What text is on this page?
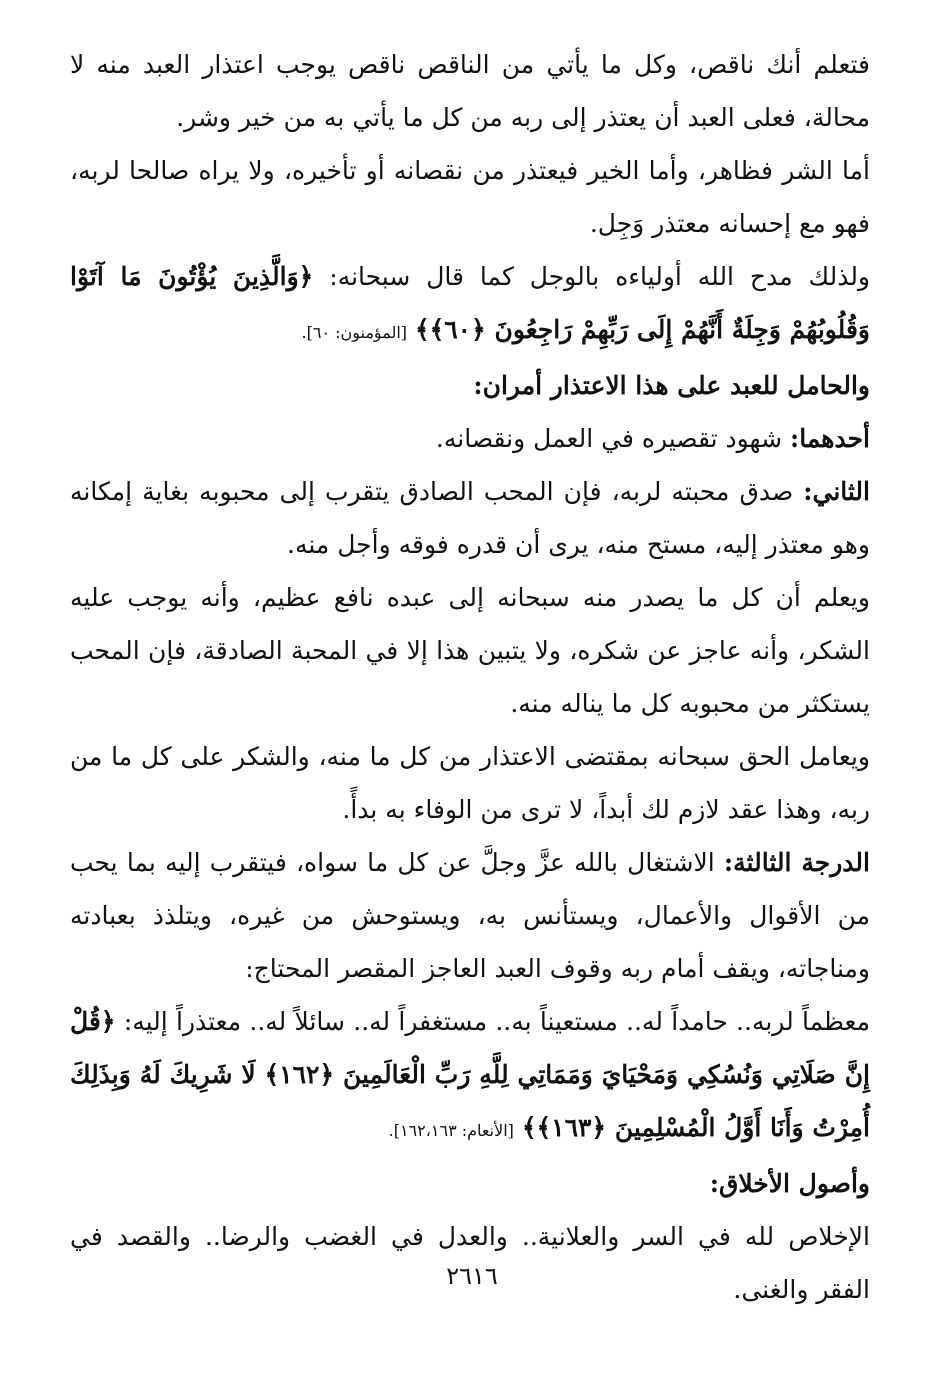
فتعلم أنك ناقص، وكل ما يأتي من الناقص ناقص يوجب اعتذار العبد منه لا محالة، فعلى العبد أن يعتذر إلى ربه من كل ما يأتي به من خير وشر.

أما الشر فظاهر، وأما الخير فيعتذر من نقصانه أو تأخيره، ولا يراه صالحا لربه، فهو مع إحسانه معتذر وَجِل.

ولذلك مدح الله أولياءه بالوجل كما قال سبحانه: ﴿وَالَّذِينَ يُؤْتُونَ مَا آتَوْا وَقُلُوبُهُمْ وَجِلَةٌ أَنَّهُمْ إِلَى رَبِّهِمْ رَاجِعُونَ ﴿٦٠﴾﴾ [المؤمنون: ٦٠].

والحامل للعبد على هذا الاعتذار أمران:

أحدهما: شهود تقصيره في العمل ونقصانه.

الثاني: صدق محبته لربه، فإن المحب الصادق يتقرب إلى محبوبه بغاية إمكانه وهو معتذر إليه، مستح منه، يرى أن قدره فوقه وأجل منه.

ويعلم أن كل ما يصدر منه سبحانه إلى عبده نافع عظيم، وأنه يوجب عليه الشكر، وأنه عاجز عن شكره، ولا يتبين هذا إلا في المحبة الصادقة، فإن المحب يستكثر من محبوبه كل ما يناله منه.

ويعامل الحق سبحانه بمقتضى الاعتذار من كل ما منه، والشكر على كل ما من ربه، وهذا عقد لازم لك أبداً، لا ترى من الوفاء به بدأً.

الدرجة الثالثة: الاشتغال بالله عزَّ وجلَّ عن كل ما سواه، فيتقرب إليه بما يحب من الأقوال والأعمال، ويستأنس به، ويستوحش من غيره، ويتلذذ بعبادته ومناجاته، ويقف أمام ربه وقوف العبد العاجز المقصر المحتاج:

معظماً لربه.. حامداً له.. مستعيناً به.. مستغفراً له.. سائلاً له.. معتذراً إليه: ﴿قُلْ إِنَّ صَلَاتِي وَنُسُكِي وَمَحْيَايَ وَمَمَاتِي لِلَّهِ رَبِّ الْعَالَمِينَ ﴿١٦٢﴾ لَا شَرِيكَ لَهُ وَبِذَلِكَ أُمِرْتُ وَأَنَا أَوَّلُ الْمُسْلِمِينَ ﴿١٦٣﴾﴾ [الأنعام: ١٦٢،١٦٣].

وأصول الأخلاق:

الإخلاص لله في السر والعلانية.. والعدل في الغضب والرضا.. والقصد في الفقر والغنى.

٢٦١٦
